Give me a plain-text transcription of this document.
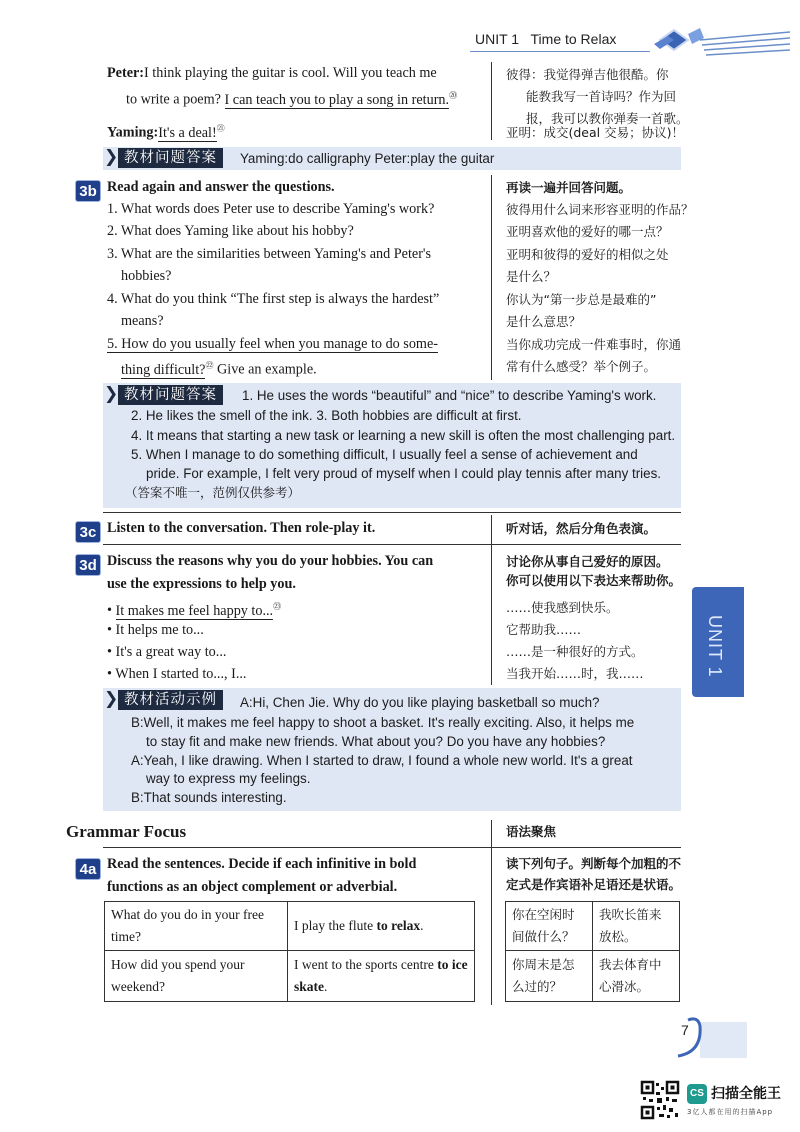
UNIT 1 Time to Relax
Peter:I think playing the guitar is cool. Will you teach me
to write a poem? I can teach you to play a song in return.⑳
Yaming:It's a deal!$^㉑$
彼得：我觉得弹吉他很酷。你
能教我写一首诗吗？作为回
报，我可以教你弹奏一首歌。
亚明：成交(deal 交易；协议)！
❯ 教材问题答案	Yaming:do calligraphy Peter:play the guitar
3b Read again and answer the questions.
1. What words does Peter use to describe Yaming's work?
2. What does Yaming like about his hobby?
3. What are the similarities between Yaming's and Peter's
hobbies?
4. What do you think “The first step is always the hardest”
means?
5. How do you usually feel when you manage to do some-
thing difficult?$^㉒$ Give an example.
再读一遍并回答问题。
彼得用什么词来形容亚明的作品？
亚明喜欢他的爱好的哪一点？
亚明和彼得的爱好的相似之处
是什么？
你认为“第一步总是最难的”
是什么意思？
当你成功完成一件难事时，你通
常有什么感受？举个例子。
❯ 教材问题答案	1. He uses the words “beautiful” and “nice” to describe Yaming's work.
2. He likes the smell of the ink. 3. Both hobbies are difficult at first.
4. It means that starting a new task or learning a new skill is often the most challenging part.
5. When I manage to do something difficult, I usually feel a sense of achievement and
pride. For example, I felt very proud of myself when I could play tennis after many tries.
（答案不唯一，范例仅供参考）
3c Listen to the conversation. Then role-play it.	听对话，然后分角色表演。
3d Discuss the reasons why you do your hobbies. You can
use the expressions to help you.
• It makes me feel happy to...$^㉓$
• It helps me to...
• It's a great way to...
• When I started to..., I...
讨论你从事自己爱好的原因。
你可以使用以下表达来帮助你。
……使我感到快乐。
它帮助我……
……是一种很好的方式。
当我开始……时，我……
❯ 教材活动示例	A:Hi, Chen Jie. Why do you like playing basketball so much?
B:Well, it makes me feel happy to shoot a basket. It's really exciting. Also, it helps me
to stay fit and make new friends. What about you? Do you have any hobbies?
A:Yeah, I like drawing. When I started to draw, I found a whole new world. It's a great
way to express my feelings.
B:That sounds interesting.
UNIT 1
Grammar Focus	语法聚焦
4a Read the sentences. Decide if each infinitive in bold
functions as an object complement or adverbial.
读下列句子。判断每个加粗的不
定式是作宾语补足语还是状语。
What do you do in your free time?	I play the flute to relax.
How did you spend your weekend?	I went to the sports centre to ice skate.
你在空闲时间做什么？	我吹长笛来放松。
你周末是怎么过的？	我去体育中心滑冰。
7
CS 扫描全能王
3亿人都在用的扫描App
